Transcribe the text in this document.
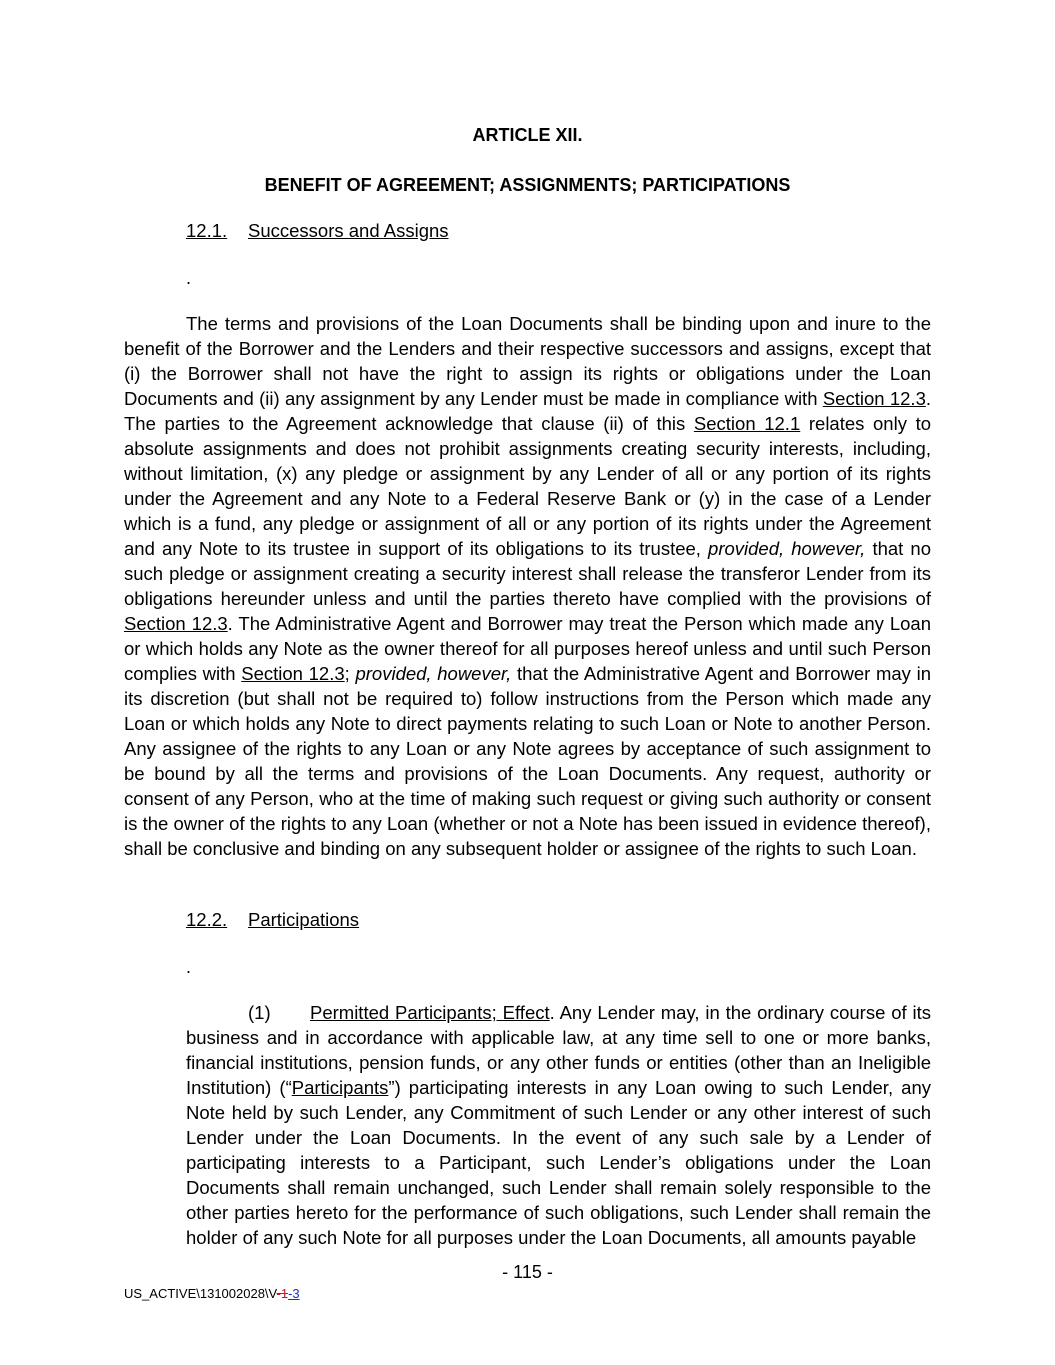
ARTICLE XII.
BENEFIT OF AGREEMENT; ASSIGNMENTS; PARTICIPATIONS
12.1. Successors and Assigns
.

The terms and provisions of the Loan Documents shall be binding upon and inure to the benefit of the Borrower and the Lenders and their respective successors and assigns, except that (i) the Borrower shall not have the right to assign its rights or obligations under the Loan Documents and (ii) any assignment by any Lender must be made in compliance with Section 12.3. The parties to the Agreement acknowledge that clause (ii) of this Section 12.1 relates only to absolute assignments and does not prohibit assignments creating security interests, including, without limitation, (x) any pledge or assignment by any Lender of all or any portion of its rights under the Agreement and any Note to a Federal Reserve Bank or (y) in the case of a Lender which is a fund, any pledge or assignment of all or any portion of its rights under the Agreement and any Note to its trustee in support of its obligations to its trustee, provided, however, that no such pledge or assignment creating a security interest shall release the transferor Lender from its obligations hereunder unless and until the parties thereto have complied with the provisions of Section 12.3. The Administrative Agent and Borrower may treat the Person which made any Loan or which holds any Note as the owner thereof for all purposes hereof unless and until such Person complies with Section 12.3; provided, however, that the Administrative Agent and Borrower may in its discretion (but shall not be required to) follow instructions from the Person which made any Loan or which holds any Note to direct payments relating to such Loan or Note to another Person. Any assignee of the rights to any Loan or any Note agrees by acceptance of such assignment to be bound by all the terms and provisions of the Loan Documents. Any request, authority or consent of any Person, who at the time of making such request or giving such authority or consent is the owner of the rights to any Loan (whether or not a Note has been issued in evidence thereof), shall be conclusive and binding on any subsequent holder or assignee of the rights to such Loan.

12.2. Participations
.

(1) Permitted Participants; Effect. Any Lender may, in the ordinary course of its business and in accordance with applicable law, at any time sell to one or more banks, financial institutions, pension funds, or any other funds or entities (other than an Ineligible Institution) (“Participants”) participating interests in any Loan owing to such Lender, any Note held by such Lender, any Commitment of such Lender or any other interest of such Lender under the Loan Documents. In the event of any such sale by a Lender of participating interests to a Participant, such Lender’s obligations under the Loan Documents shall remain unchanged, such Lender shall remain solely responsible to the other parties hereto for the performance of such obligations, such Lender shall remain the holder of any such Note for all purposes under the Loan Documents, all amounts payable

- 115 -
US_ACTIVE\131002028\V-1-3
